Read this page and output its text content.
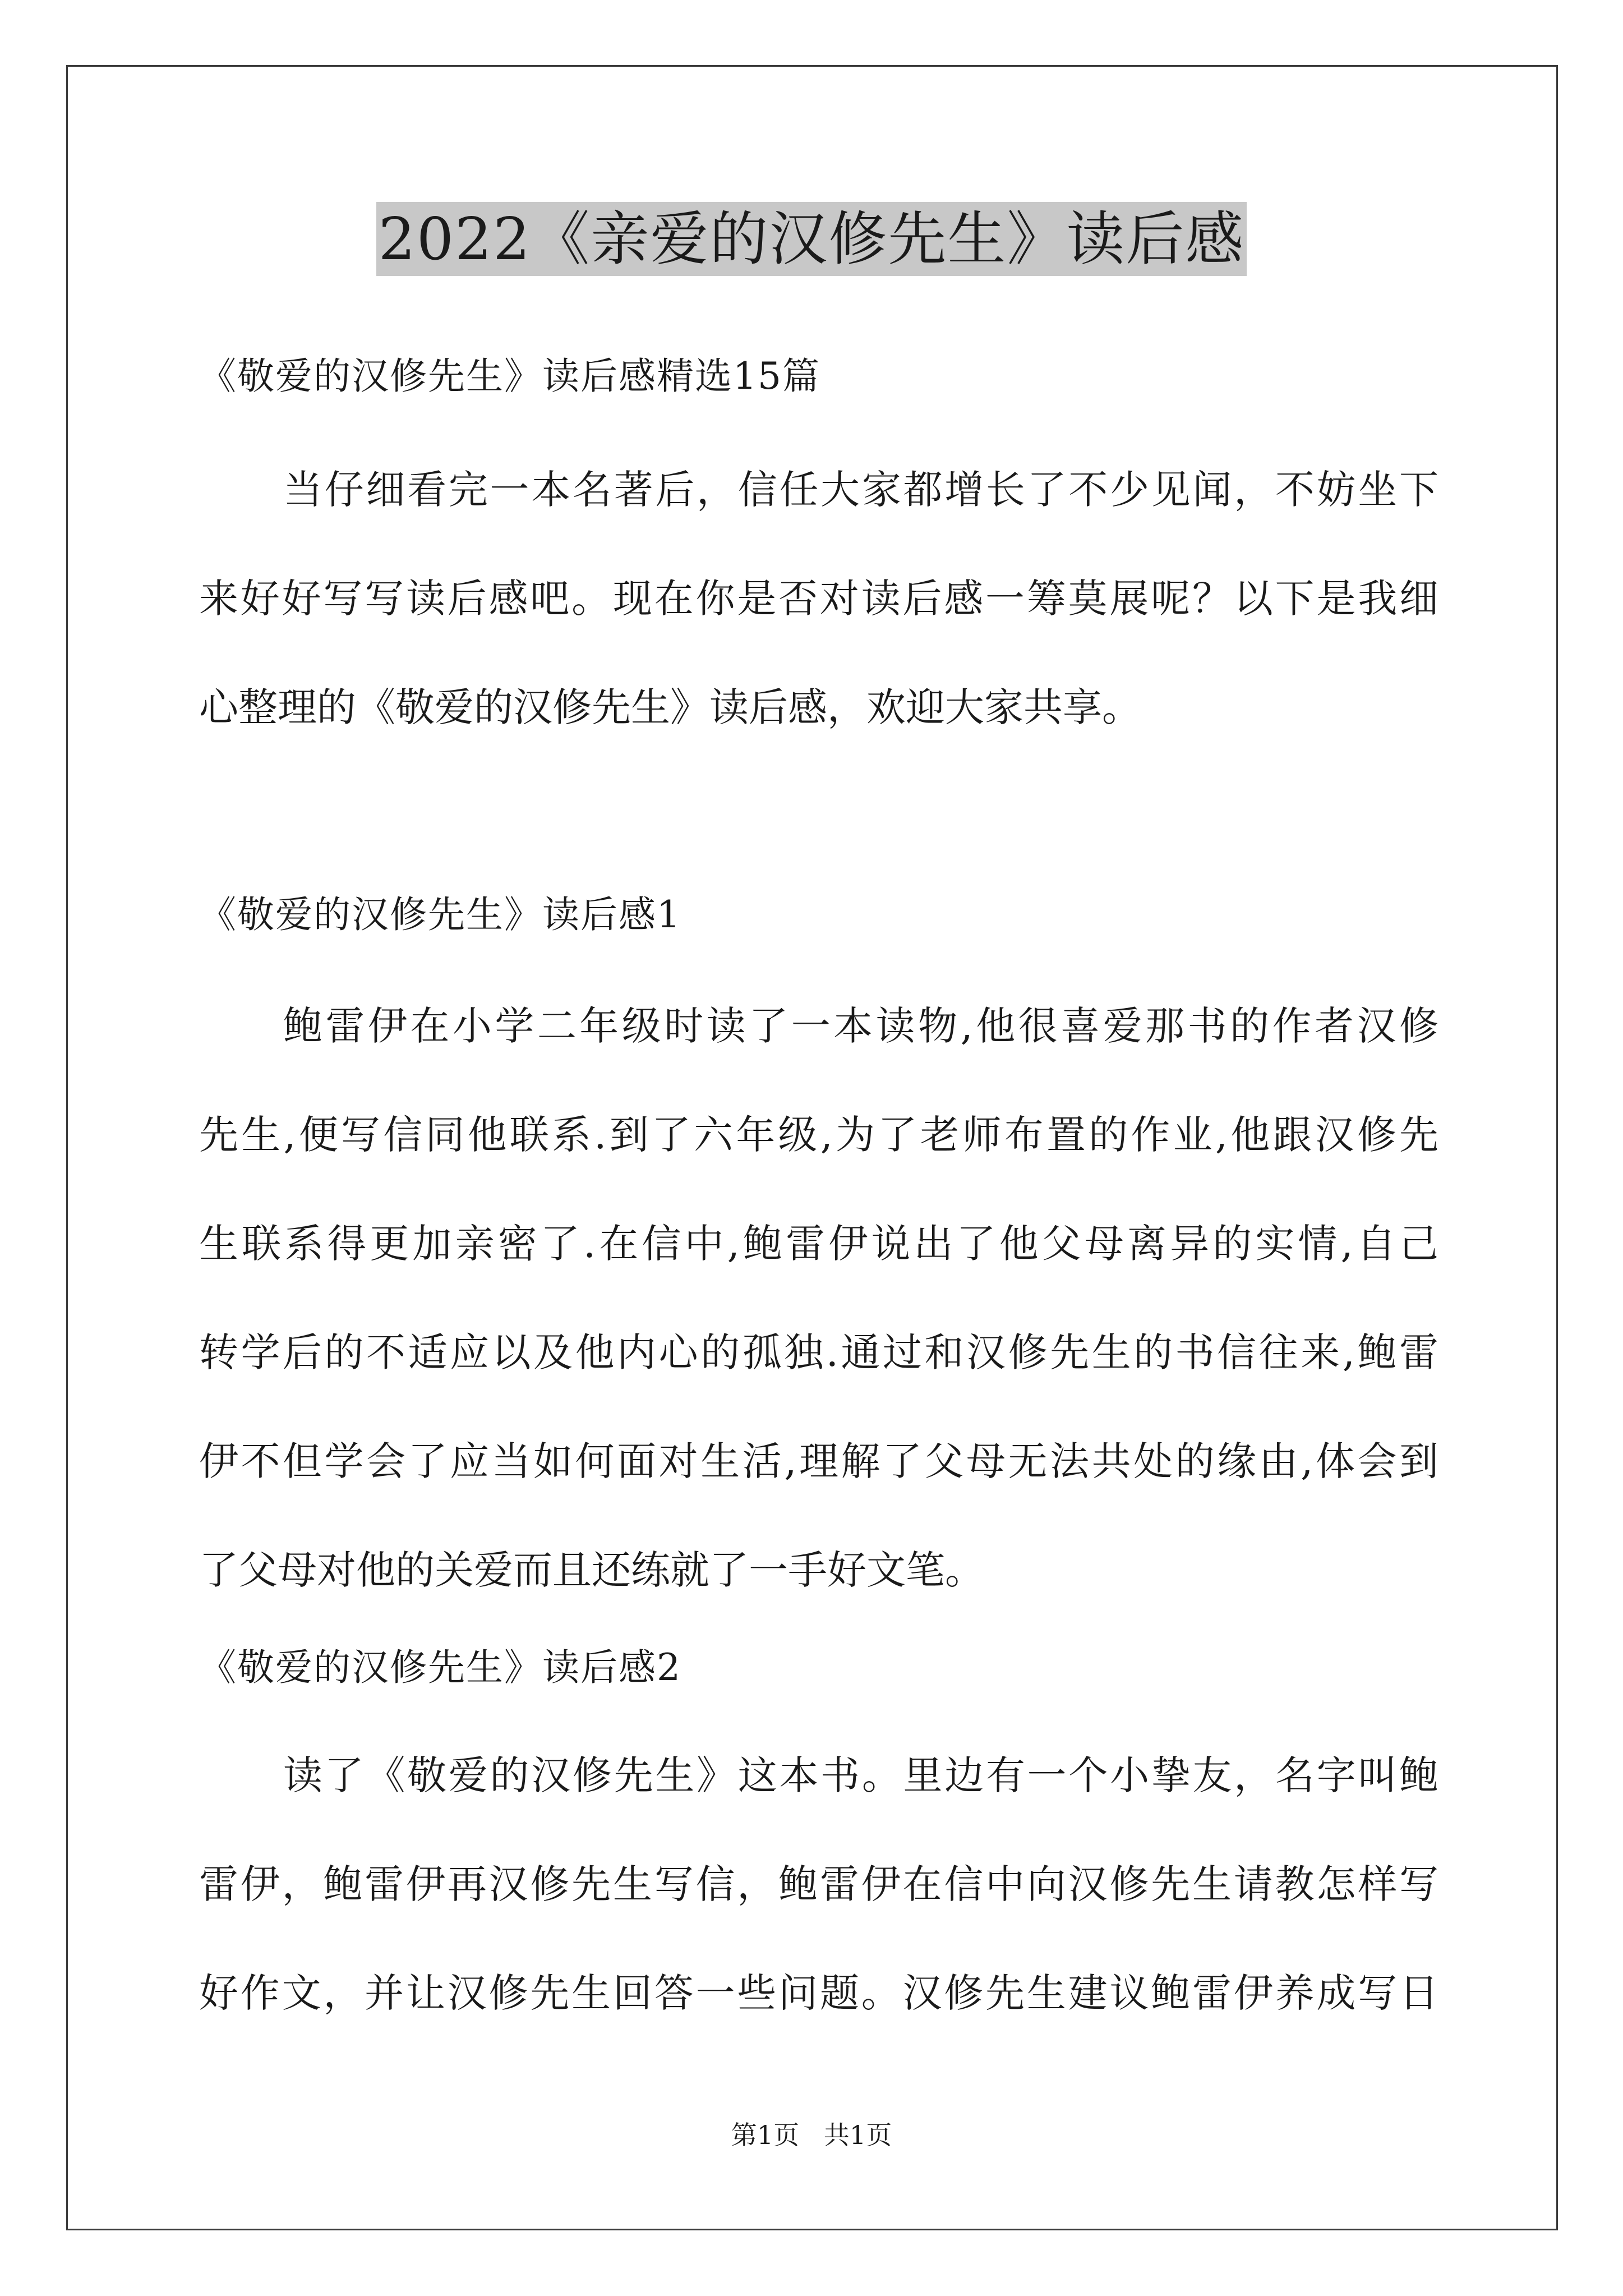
2022《亲爱的汉修先生》读后感
《敬爱的汉修先生》读后感精选15篇
当仔细看完一本名著后，信任大家都增长了不少见闻，不妨坐下
来好好写写读后感吧。现在你是否对读后感一筹莫展呢？以下是我细
心整理的《敬爱的汉修先生》读后感，欢迎大家共享。
《敬爱的汉修先生》读后感1
鲍雷伊在小学二年级时读了一本读物,他很喜爱那书的作者汉修
先生,便写信同他联系.到了六年级,为了老师布置的作业,他跟汉修先
生联系得更加亲密了.在信中,鲍雷伊说出了他父母离异的实情,自己
转学后的不适应以及他内心的孤独.通过和汉修先生的书信往来,鲍雷
伊不但学会了应当如何面对生活,理解了父母无法共处的缘由,体会到
了父母对他的关爱而且还练就了一手好文笔。
《敬爱的汉修先生》读后感2
读了《敬爱的汉修先生》这本书。里边有一个小挚友，名字叫鲍
雷伊，鲍雷伊再汉修先生写信，鲍雷伊在信中向汉修先生请教怎样写
好作文，并让汉修先生回答一些问题。汉修先生建议鲍雷伊养成写日
第1页   共1页
